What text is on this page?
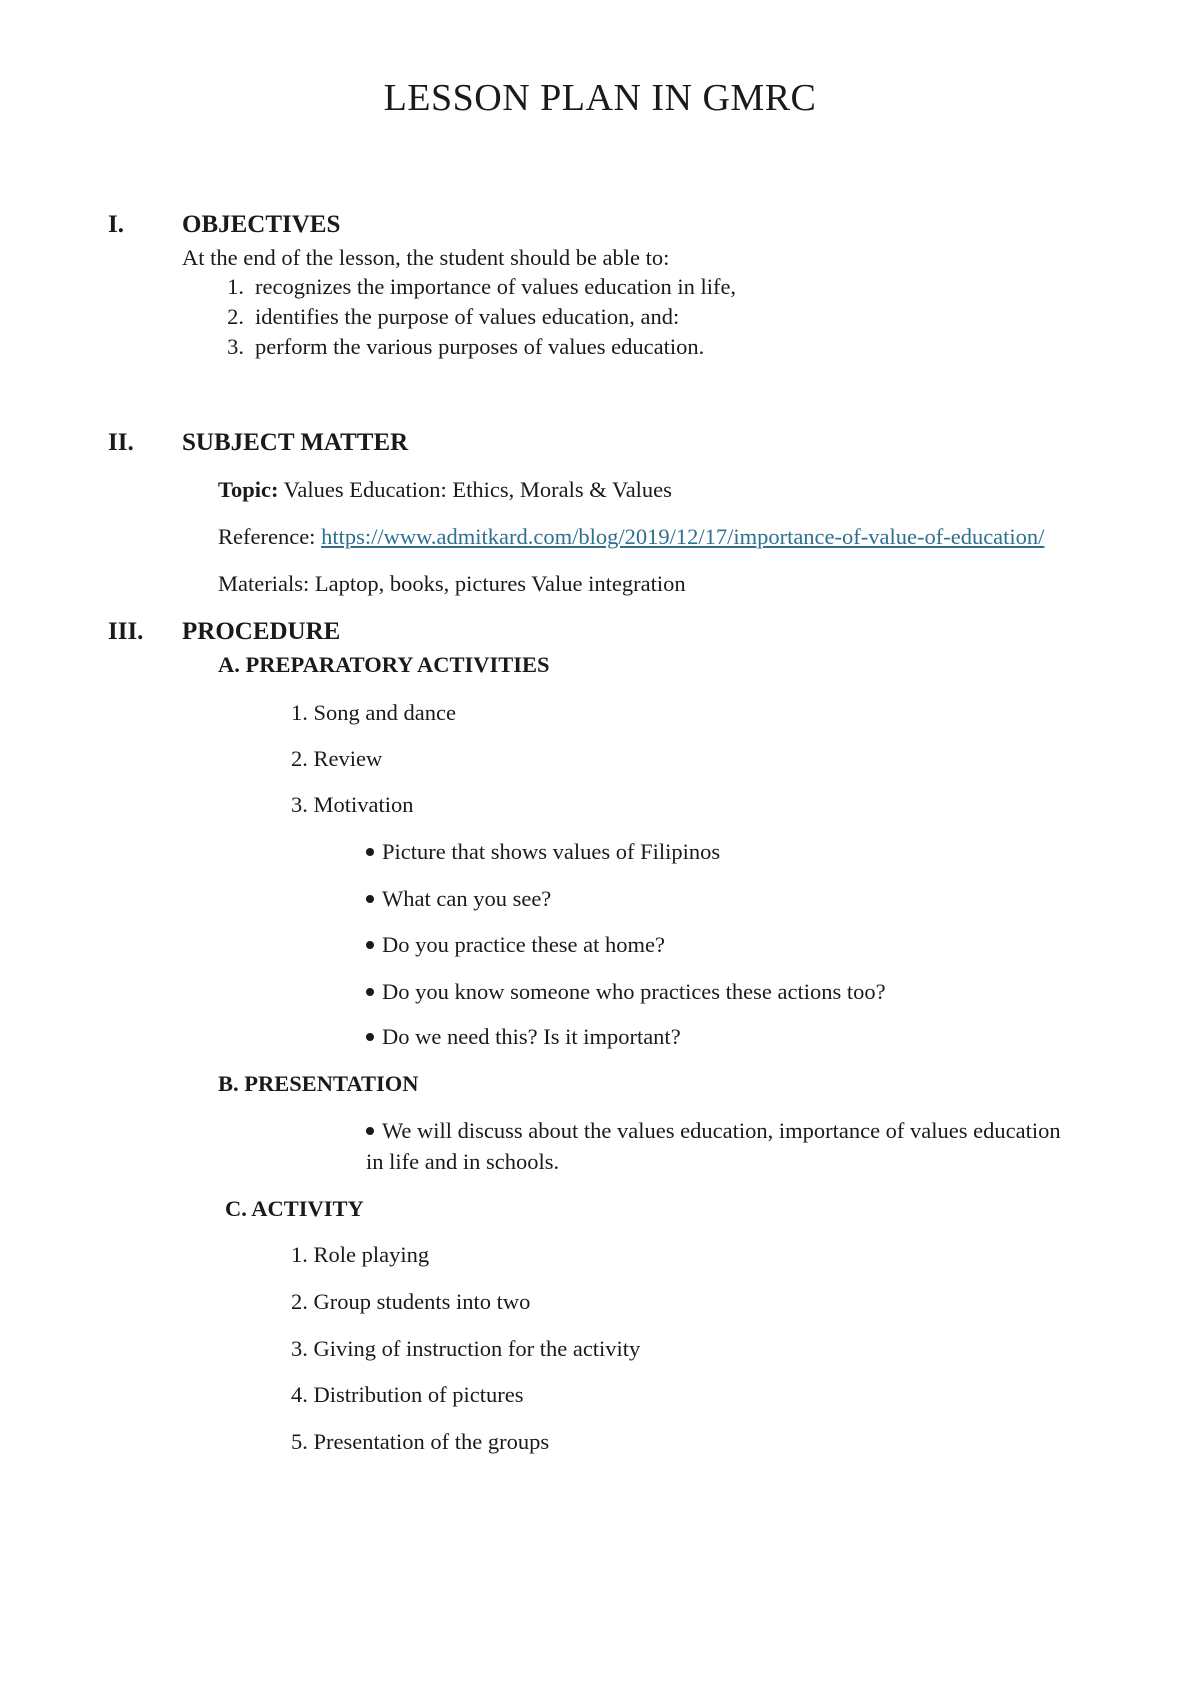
LESSON PLAN IN GMRC
I. OBJECTIVES
At the end of the lesson, the student should be able to:
1. recognizes the importance of values education in life,
2. identifies the purpose of values education, and:
3. perform the various purposes of values education.
II. SUBJECT MATTER
Topic: Values Education: Ethics, Morals & Values
Reference: https://www.admitkard.com/blog/2019/12/17/importance-of-value-of-education/
Materials: Laptop, books, pictures Value integration
III. PROCEDURE
A. PREPARATORY ACTIVITIES
1. Song and dance
2. Review
3. Motivation
Picture that shows values of Filipinos
What can you see?
Do you practice these at home?
Do you know someone who practices these actions too?
Do we need this? Is it important?
B. PRESENTATION
We will discuss about the values education, importance of values education
in life and in schools.
C. ACTIVITY
1. Role playing
2. Group students into two
3. Giving of instruction for the activity
4. Distribution of pictures
5. Presentation of the groups
